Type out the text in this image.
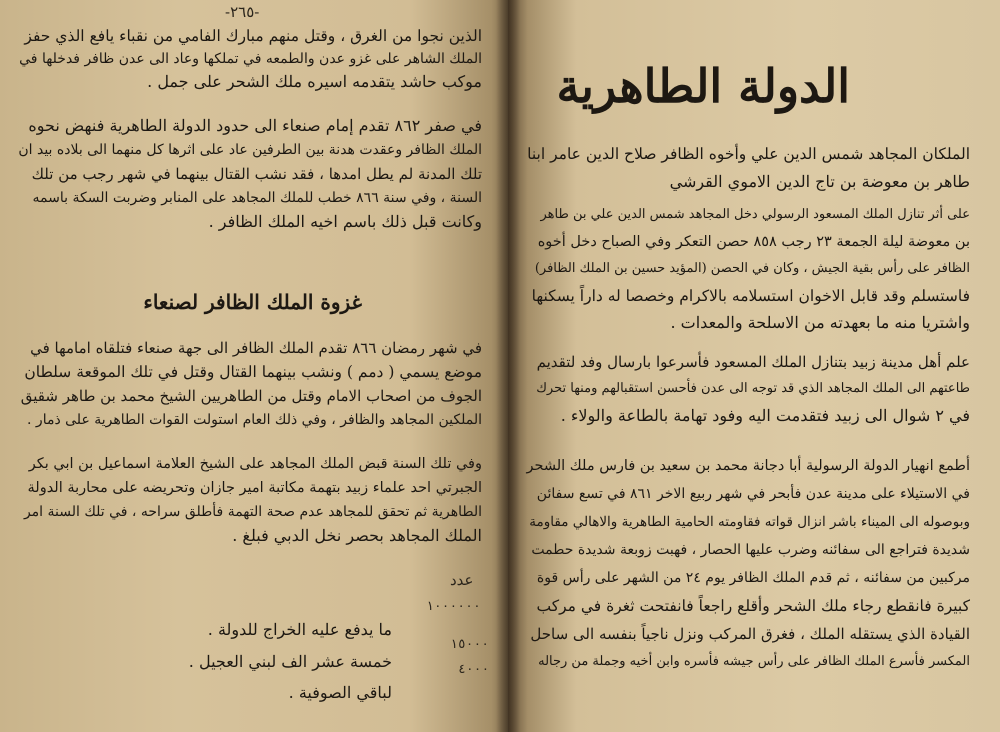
-٢٦٥-
الذين نجوا من الغرق ، وقتل منهم مبارك الفامي من نقباء يافع الذي حفز
الملك الشاهر على غزو عدن والطمعه في تملكها وعاد الى عدن ظافر فدخلها في
موكب حاشد يتقدمه اسيره ملك الشحر على جمل .
في صفر ٨٦٢ تقدم إمام صنعاء الى حدود الدولة الطاهرية فنهض نحوه
الملك الظافر وعقدت هدنة بين الطرفين عاد على اثرها كل منهما الى بلاده بيد ان
تلك المدنة لم يطل امدها ، فقد نشب القتال بينهما في شهر رجب من تلك
السنة ، وفي سنة ٨٦٦ خطب للملك المجاهد على المنابر وضربت السكة باسمه
وكانت قبل ذلك باسم اخيه الملك الظافر .
غزوة الملك الظافر لصنعاء
في شهر رمضان ٨٦٦ تقدم الملك الظافر الى جهة صنعاء فتلقاه امامها في
موضع يسمي ( دمم ) ونشب بينهما القتال وقتل في تلك الموقعة سلطان
الجوف من اصحاب الامام وقتل من الطاهريين الشيخ محمد بن طاهر شقيق
الملكين المجاهد والظافر ، وفي ذلك العام استولت القوات الطاهرية على ذمار .
وفي تلك السنة قبض الملك المجاهد على الشيخ العلامة اسماعيل بن ابي بكر
الجبرتي احد علماء زبيد بتهمة مكاتبة امير جازان وتحريضه على محاربة الدولة
الطاهرية ثم تحقق للمجاهد عدم صحة التهمة فأطلق سراحه ، في تلك السنة امر
الملك المجاهد بحصر نخل الدبي فبلغ .
عدد
١٠٠٠٠٠٠
ما يدفع عليه الخراج للدولة .
١٥٠٠٠
خمسة عشر الف لبني العجيل .	٤٠٠٠
لباقي الصوفية .
الدولة الطاهرية
الملكان المجاهد شمس الدين علي وأخوه الظافر صلاح الدين عامر ابنا
طاهر بن معوضة بن تاج الدين الاموي القرشي
على أثر تنازل الملك المسعود الرسولي دخل المجاهد شمس الدين علي بن طاهر
بن معوضة ليلة الجمعة ٢٣ رجب ٨٥٨ حصن التعكر وفي الصباح دخل أخوه
الظافر على رأس بقية الجيش ، وكان في الحصن (المؤيد حسين بن الملك الظافر)
فاستسلم وقد قابل الاخوان استسلامه بالاكرام وخصصا له داراً يسكنها
واشتريا منه ما بعهدته من الاسلحة والمعدات .
علم أهل مدينة زبيد بتنازل الملك المسعود فأسرعوا بارسال وفد لتقديم
طاعتهم الى الملك المجاهد الذي قد توجه الى عدن فأحسن استقبالهم ومنها تحرك
في ٢ شوال الى زبيد فتقدمت اليه وفود تهامة بالطاعة والولاء .
أطمع انهيار الدولة الرسولية أبا دجانة محمد بن سعيد بن فارس ملك الشحر
في الاستيلاء على مدينة عدن فأبحر في شهر ربيع الاخر ٨٦١ في تسع سفائن
وبوصوله الى الميناء باشر انزال قواته فقاومته الحامية الطاهرية والاهالي مقاومة
شديدة فتراجع الى سفائنه وضرب عليها الحصار ، فهبت زوبعة شديدة حطمت
مركبين من سفائنه ، ثم قدم الملك الظافر يوم ٢٤ من الشهر على رأس قوة
كبيرة فانقطع رجاء ملك الشحر وأقلع راجعاً فانفتحت ثغرة في مركب
القيادة الذي يستقله الملك ، فغرق المركب ونزل ناجياً بنفسه الى ساحل
المكسر فأسرع الملك الظافر على رأس جيشه فأسره وابن أخيه وجملة من رجاله
